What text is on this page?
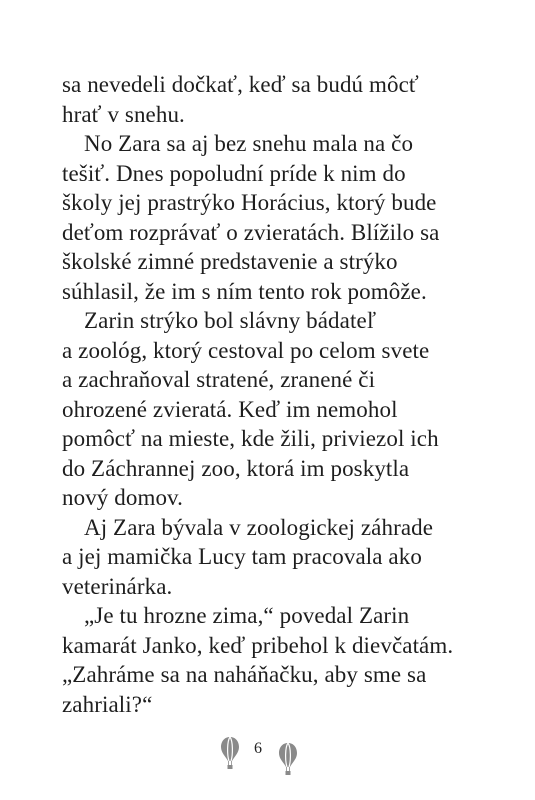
sa nevedeli dočkať, keď sa budú môcť
hrať v snehu.
No Zara sa aj bez snehu mala na čo
tešiť. Dnes popoludní príde k nim do
školy jej prastrýko Horácius, ktorý bude
deťom rozprávať o zvieratách. Blížilo sa
školské zimné predstavenie a strýko
súhlasil, že im s ním tento rok pomôže.
Zarin strýko bol slávny bádateľ
a zoológ, ktorý cestoval po celom svete
a zachraňoval stratené, zranené či
ohrozené zvieratá. Keď im nemohol
pomôcť na mieste, kde žili, priviezol ich
do Záchrannej zoo, ktorá im poskytla
nový domov.
Aj Zara bývala v zoologickej záhrade
a jej mamička Lucy tam pracovala ako
veterinárka.
„Je tu hrozne zima,“ povedal Zarin
kamarát Janko, keď pribehol k dievčatám.
„Zahráme sa na naháňačku, aby sme sa
zahriali?“
6
